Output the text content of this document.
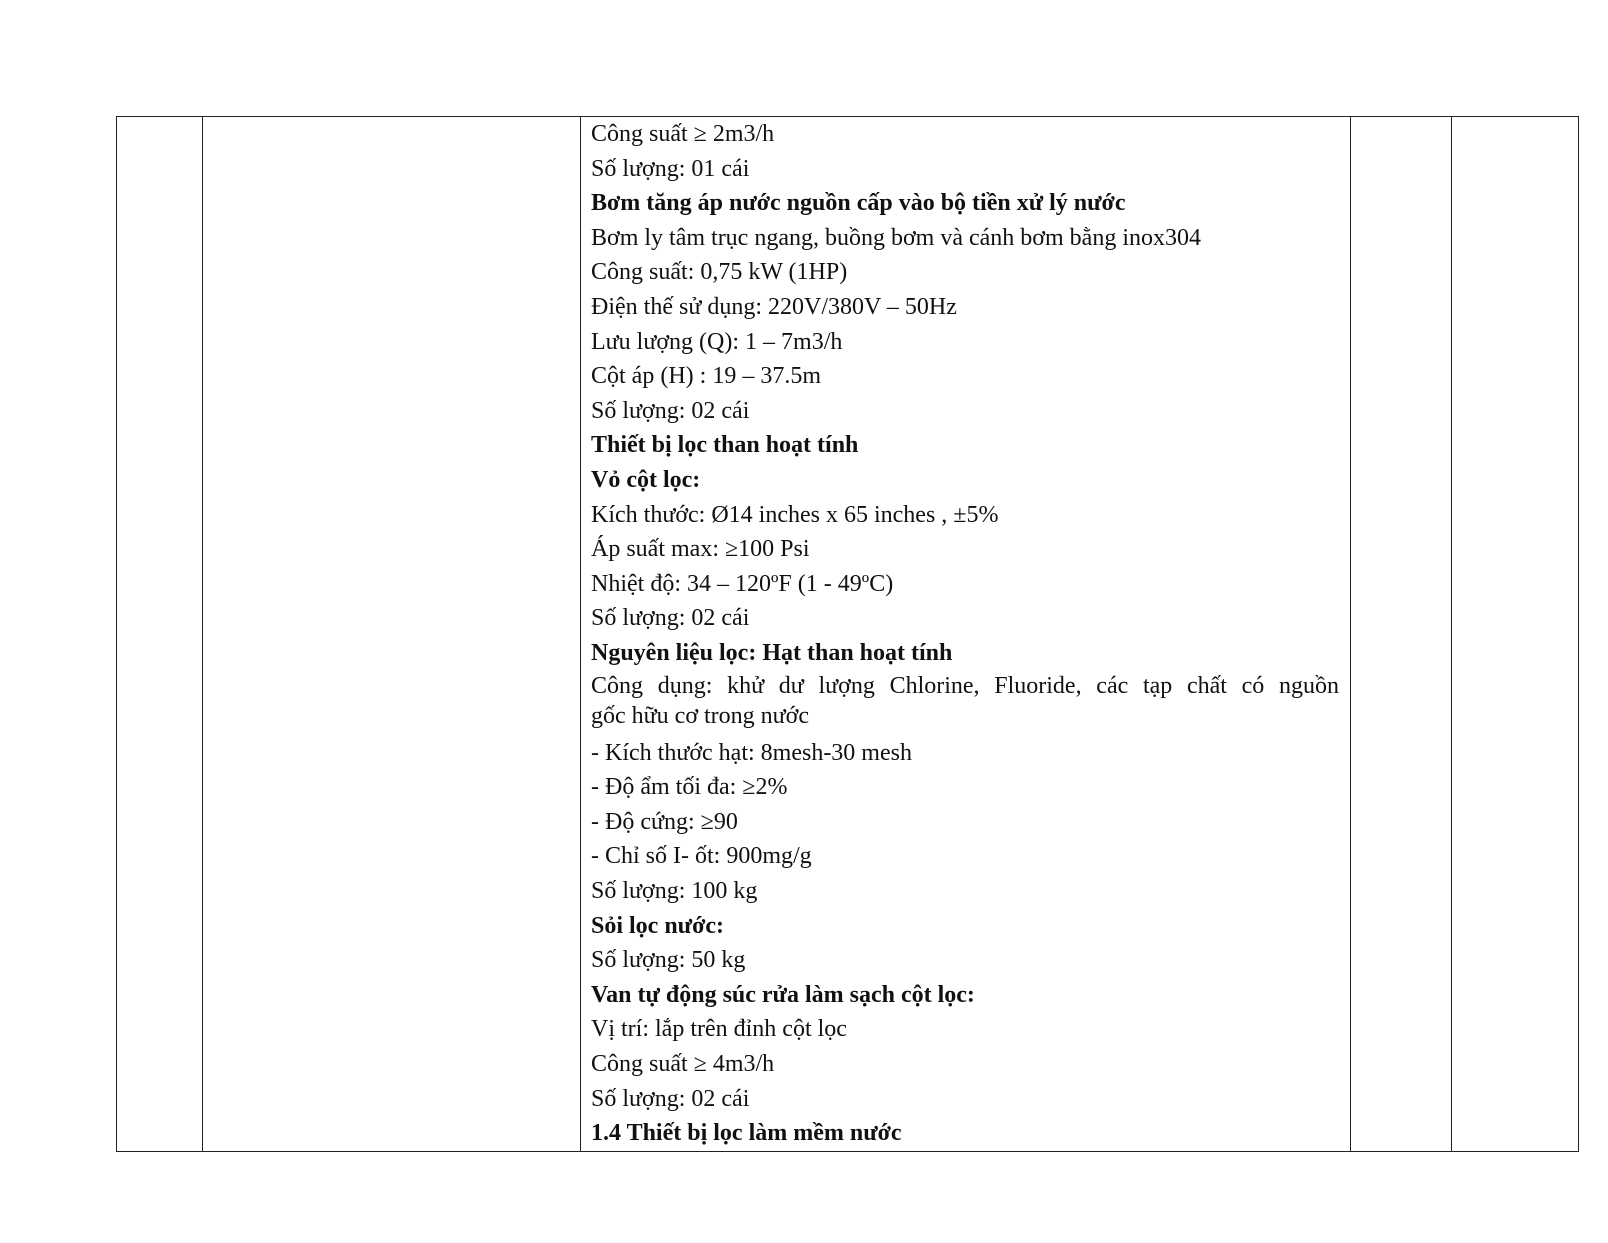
Công suất ≥ 2m3/h
Số lượng: 01 cái
Bơm tăng áp nước nguồn cấp vào bộ tiền xử lý nước
Bơm ly tâm trục ngang, buồng bơm và cánh bơm bằng inox304
Công suất: 0,75 kW (1HP)
Điện thế sử dụng: 220V/380V – 50Hz
Lưu lượng (Q): 1 – 7m3/h
Cột áp (H) : 19 – 37.5m
Số lượng: 02 cái
Thiết bị lọc than hoạt tính
Vỏ cột lọc:
Kích thước: Ø14 inches x 65 inches , ±5%
Áp suất max: ≥100 Psi
Nhiệt độ: 34 – 120ºF (1 - 49ºC)
Số lượng: 02 cái
Nguyên liệu lọc: Hạt than hoạt tính
Công dụng: khử dư lượng Chlorine, Fluoride, các tạp chất có nguồn
gốc hữu cơ trong nước
- Kích thước hạt: 8mesh-30 mesh
- Độ ẩm tối đa: ≥2%
- Độ cứng: ≥90
- Chỉ số I- ốt: 900mg/g
Số lượng: 100 kg
Sỏi lọc nước:
Số lượng: 50 kg
Van tự động súc rửa làm sạch cột lọc:
Vị trí: lắp trên đỉnh cột lọc
Công suất ≥ 4m3/h
Số lượng: 02 cái
1.4 Thiết bị lọc làm mềm nước
